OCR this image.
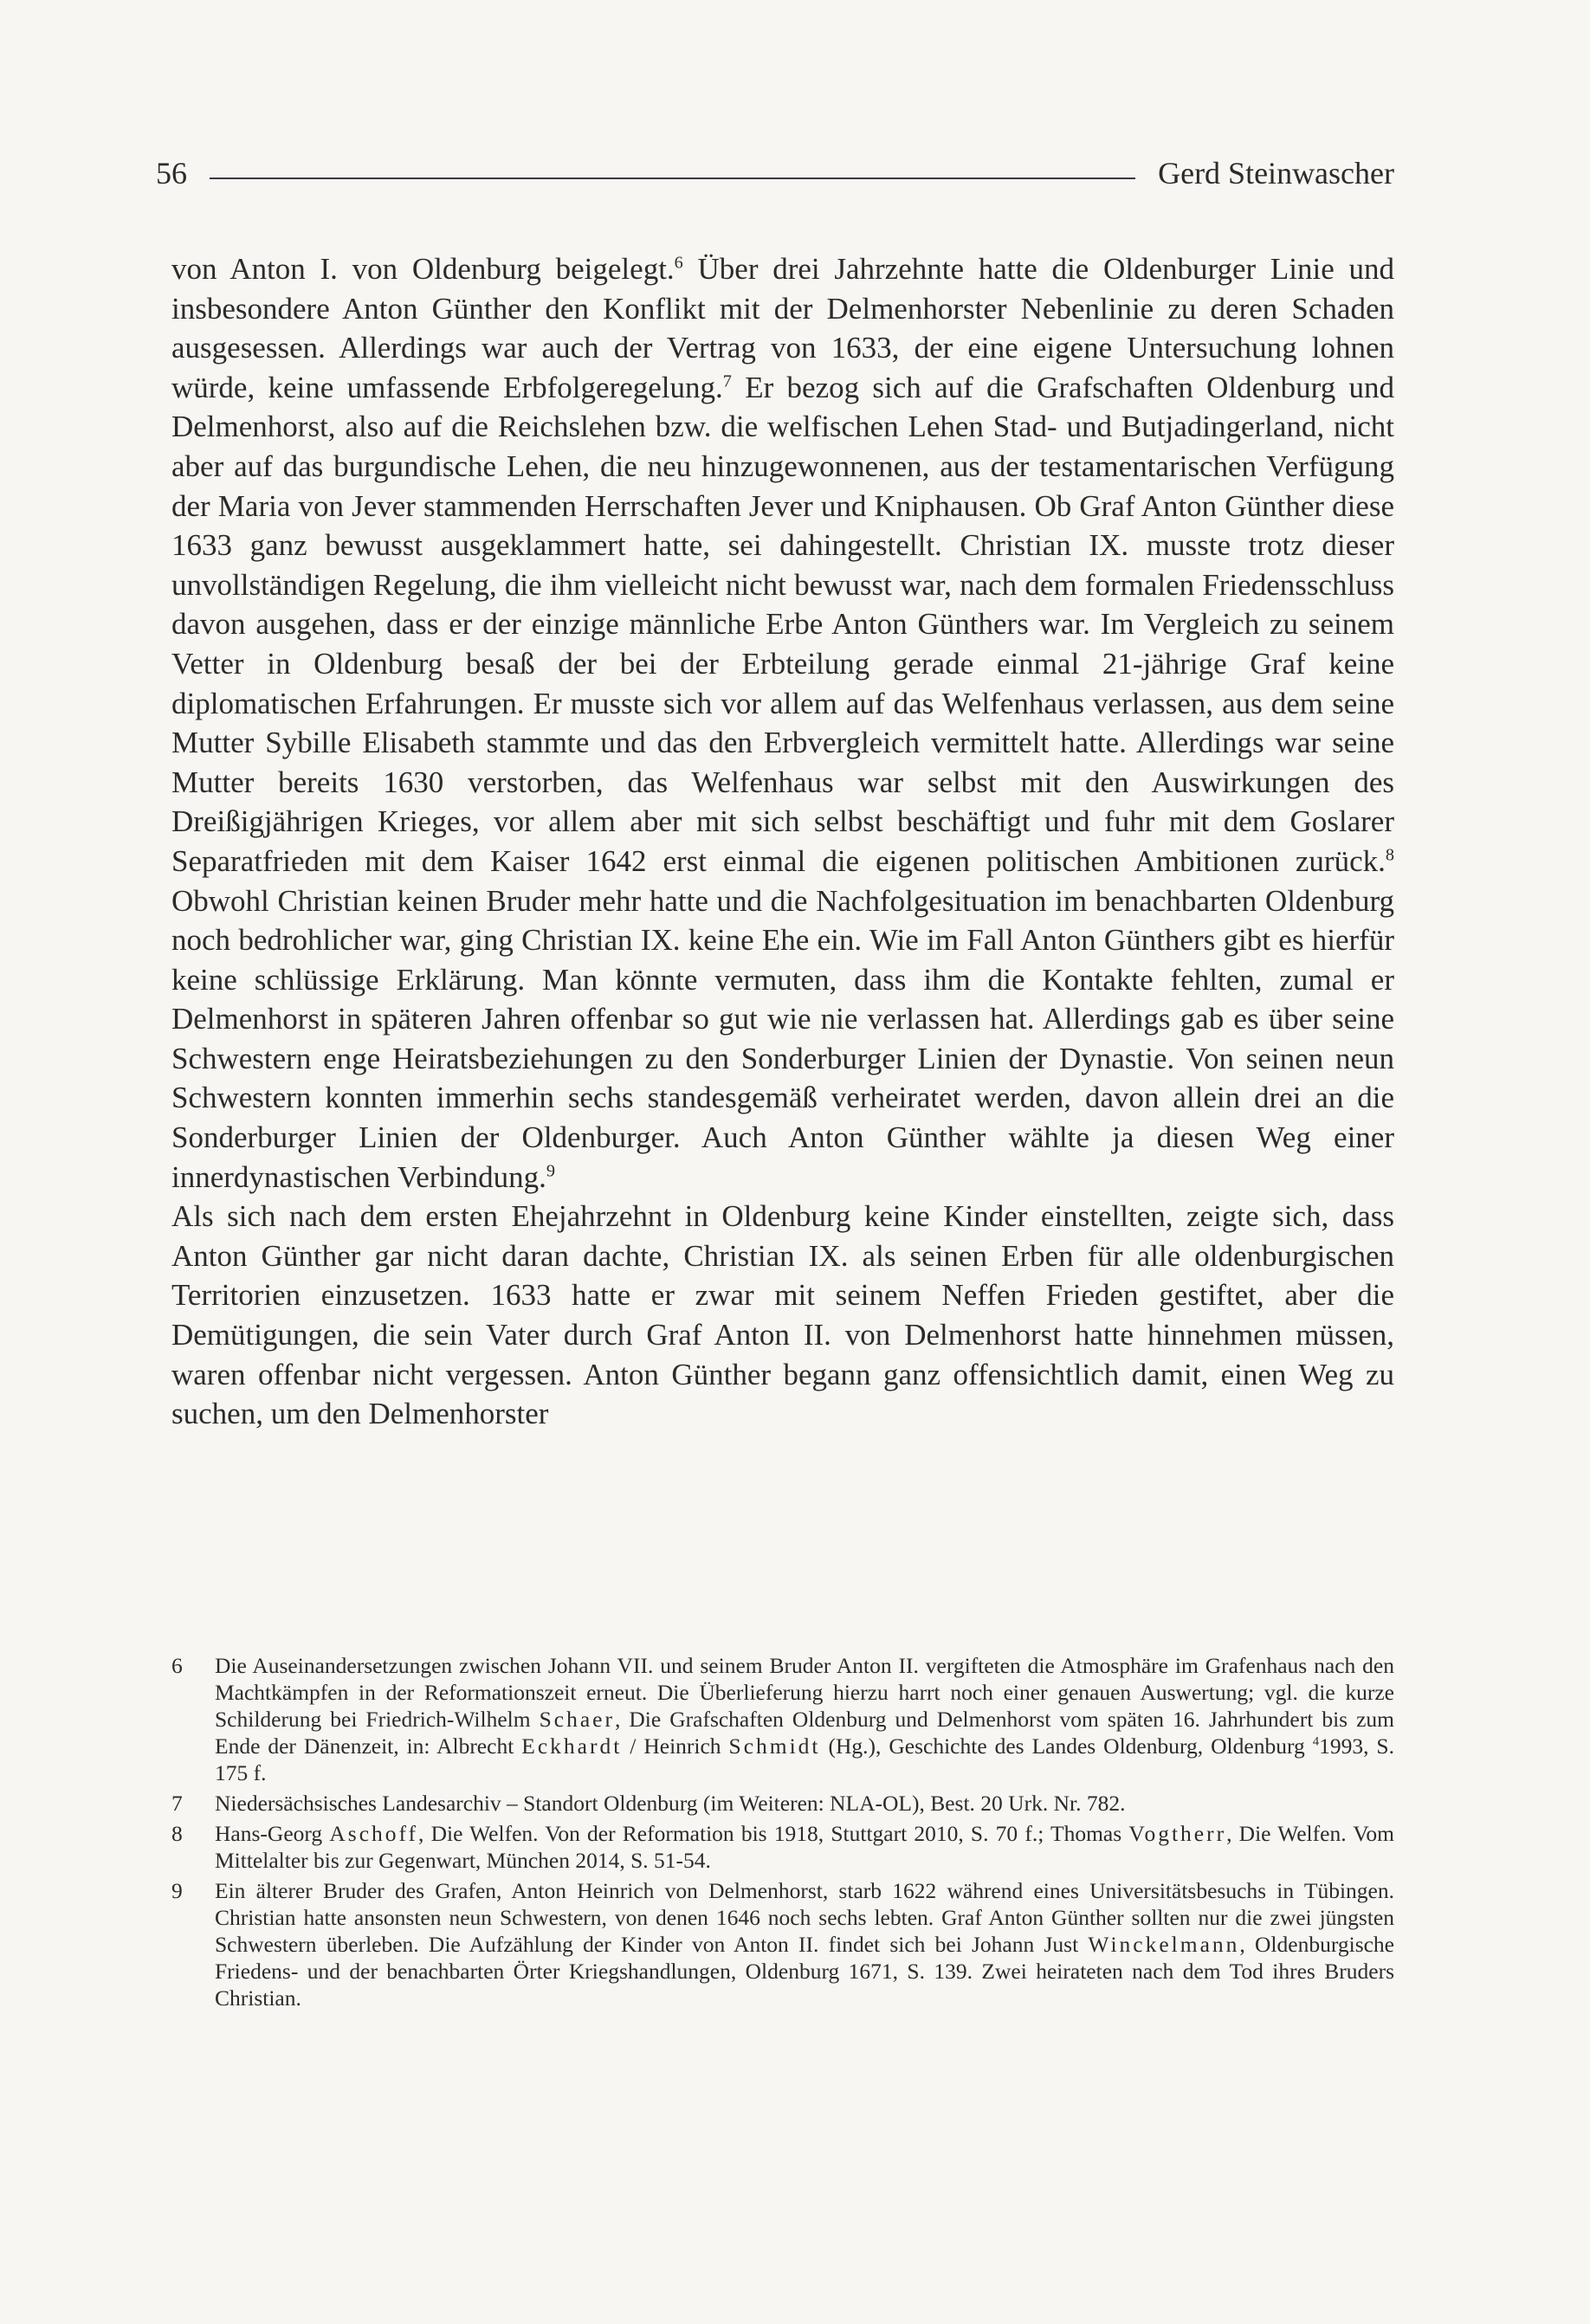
56	Gerd Steinwascher

von Anton I. von Oldenburg beigelegt.$^6$ Über drei Jahrzehnte hatte die Oldenburger Linie und insbesondere Anton Günther den Konflikt mit der Delmenhorster Nebenlinie zu deren Schaden ausgesessen. Allerdings war auch der Vertrag von 1633, der eine eigene Untersuchung lohnen würde, keine umfassende Erbfolgeregelung.$^7$ Er bezog sich auf die Grafschaften Oldenburg und Delmenhorst, also auf die Reichslehen bzw. die welfischen Lehen Stad- und Butjadingerland, nicht aber auf das burgundische Lehen, die neu hinzugewonnenen, aus der testamentarischen Verfügung der Maria von Jever stammenden Herrschaften Jever und Kniphausen. Ob Graf Anton Günther diese 1633 ganz bewusst ausgeklammert hatte, sei dahingestellt. Christian IX. musste trotz dieser unvollständigen Regelung, die ihm vielleicht nicht bewusst war, nach dem formalen Friedensschluss davon ausgehen, dass er der einzige männliche Erbe Anton Günthers war. Im Vergleich zu seinem Vetter in Oldenburg besaß der bei der Erbteilung gerade einmal 21-jährige Graf keine diplomatischen Erfahrungen. Er musste sich vor allem auf das Welfenhaus verlassen, aus dem seine Mutter Sybille Elisabeth stammte und das den Erbvergleich vermittelt hatte. Allerdings war seine Mutter bereits 1630 verstorben, das Welfenhaus war selbst mit den Auswirkungen des Dreißigjährigen Krieges, vor allem aber mit sich selbst beschäftigt und fuhr mit dem Goslarer Separatfrieden mit dem Kaiser 1642 erst einmal die eigenen politischen Ambitionen zurück.$^8$ Obwohl Christian keinen Bruder mehr hatte und die Nachfolgesituation im benachbarten Oldenburg noch bedrohlicher war, ging Christian IX. keine Ehe ein. Wie im Fall Anton Günthers gibt es hierfür keine schlüssige Erklärung. Man könnte vermuten, dass ihm die Kontakte fehlten, zumal er Delmenhorst in späteren Jahren offenbar so gut wie nie verlassen hat. Allerdings gab es über seine Schwestern enge Heiratsbeziehungen zu den Sonderburger Linien der Dynastie. Von seinen neun Schwestern konnten immerhin sechs standesgemäß verheiratet werden, davon allein drei an die Sonderburger Linien der Oldenburger. Auch Anton Günther wählte ja diesen Weg einer innerdynastischen Verbindung.$^9$

Als sich nach dem ersten Ehejahrzehnt in Oldenburg keine Kinder einstellten, zeigte sich, dass Anton Günther gar nicht daran dachte, Christian IX. als seinen Erben für alle oldenburgischen Territorien einzusetzen. 1633 hatte er zwar mit seinem Neffen Frieden gestiftet, aber die Demütigungen, die sein Vater durch Graf Anton II. von Delmenhorst hatte hinnehmen müssen, waren offenbar nicht vergessen. Anton Günther begann ganz offensichtlich damit, einen Weg zu suchen, um den Delmenhorster

6	Die Auseinandersetzungen zwischen Johann VII. und seinem Bruder Anton II. vergifteten die Atmosphäre im Grafenhaus nach den Machtkämpfen in der Reformationszeit erneut. Die Überlieferung hierzu harrt noch einer genauen Auswertung; vgl. die kurze Schilderung bei Friedrich-Wilhelm Schaer, Die Grafschaften Oldenburg und Delmenhorst vom späten 16. Jahrhundert bis zum Ende der Dänenzeit, in: Albrecht Eckhardt / Heinrich Schmidt (Hg.), Geschichte des Landes Oldenburg, Oldenburg $^4$1993, S. 175 f.
7	Niedersächsisches Landesarchiv – Standort Oldenburg (im Weiteren: NLA-OL), Best. 20 Urk. Nr. 782.
8	Hans-Georg Aschoff, Die Welfen. Von der Reformation bis 1918, Stuttgart 2010, S. 70 f.; Thomas Vogtherr, Die Welfen. Vom Mittelalter bis zur Gegenwart, München 2014, S. 51-54.
9	Ein älterer Bruder des Grafen, Anton Heinrich von Delmenhorst, starb 1622 während eines Universitätsbesuchs in Tübingen. Christian hatte ansonsten neun Schwestern, von denen 1646 noch sechs lebten. Graf Anton Günther sollten nur die zwei jüngsten Schwestern überleben. Die Aufzählung der Kinder von Anton II. findet sich bei Johann Just Winckelmann, Oldenburgische Friedens- und der benachbarten Örter Kriegshandlungen, Oldenburg 1671, S. 139. Zwei heirateten nach dem Tod ihres Bruders Christian.
